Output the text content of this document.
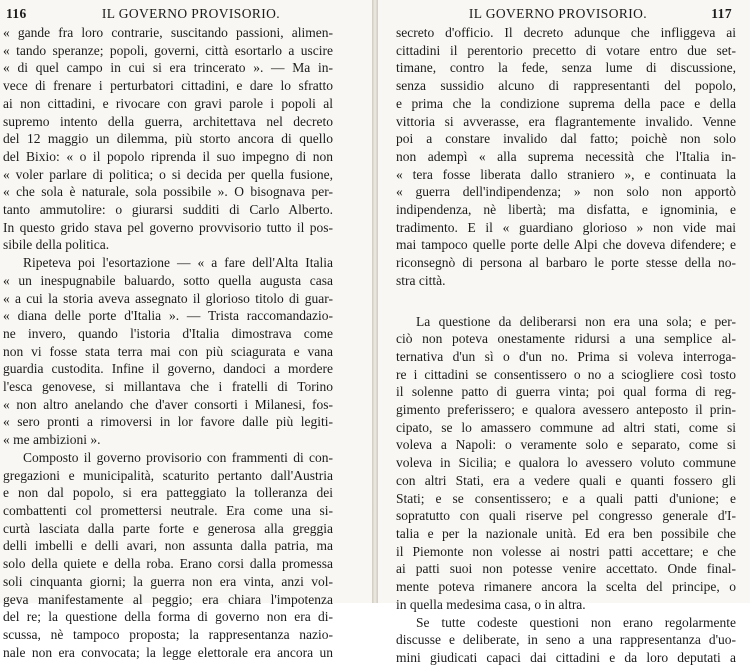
116	IL GOVERNO PROVISORIO.
« gande fra loro contrarie, suscitando passioni, alimen-
« tando speranze; popoli, governi, città esortarlo a uscire
« di quel campo in cui si era trincerato ». — Ma in-
vece di frenare i perturbatori cittadini, e dare lo sfratto
ai non cittadini, e rivocare con gravi parole i popoli al
supremo intento della guerra, architettava nel decreto
del 12 maggio un dilemma, più storto ancora di quello
del Bixio: « o il popolo riprenda il suo impegno di non
« voler parlare di politica; o si decida per quella fusione,
« che sola è naturale, sola possibile ». O bisognava per-
tanto ammutolire: o giurarsi sudditi di Carlo Alberto.
In questo grido stava pel governo provvisorio tutto il pos-
sibile della politica.
Ripeteva poi l'esortazione — « a fare dell'Alta Italia
« un inespugnabile baluardo, sotto quella augusta casa
« a cui la storia aveva assegnato il glorioso titolo di guar-
« diana delle porte d'Italia ». — Trista raccomandazio-
ne invero, quando l'istoria d'Italia dimostrava come
non vi fosse stata terra mai con più sciagurata e vana
guardia custodita. Infine il governo, dandoci a mordere
l'esca genovese, si millantava che i fratelli di Torino
« non altro anelando che d'aver consorti i Milanesi, fos-
« sero pronti a rimoversi in lor favore dalle più legiti-
« me ambizioni ».
Composto il governo provisorio con frammenti di con-
gregazioni e municipalità, scaturito pertanto dall'Austria
e non dal popolo, si era patteggiato la tolleranza dei
combattenti col promettersi neutrale. Era come una si-
curtà lasciata dalla parte forte e generosa alla greggia
delli imbelli e delli avari, non assunta dalla patria, ma
solo della quiete e della roba. Erano corsi dalla promessa
soli cinquanta giorni; la guerra non era vinta, anzi vol-
geva manifestamente al peggio; era chiara l'impotenza
del re; la questione della forma di governo non era di-
scussa, nè tampoco proposta; la rappresentanza nazio-
nale non era convocata; la legge elettorale era ancora un
IL GOVERNO PROVISORIO.	117
secreto d'officio. Il decreto adunque che infliggeva ai
cittadini il perentorio precetto di votare entro due set-
timane, contro la fede, senza lume di discussione,
senza sussidio alcuno di rappresentanti del popolo,
e prima che la condizione suprema della pace e della
vittoria si avverasse, era flagrantemente invalido. Venne
poi a constare invalido dal fatto; poichè non solo
non adempì « alla suprema necessità che l'Italia in-
« tera fosse liberata dallo straniero », e continuata la
« guerra dell'indipendenza; » non solo non apportò
indipendenza, nè libertà; ma disfatta, e ignominia, e
tradimento. E il « guardiano glorioso » non vide mai
mai tampoco quelle porte delle Alpi che doveva difendere; e
riconsegnò di persona al barbaro le porte stesse della no-
stra città.
La questione da deliberarsi non era una sola; e per-
ciò non poteva onestamente ridursi a una semplice al-
ternativa d'un sì o d'un no. Prima si voleva interroga-
re i cittadini se consentissero o no a sciogliere così tosto
il solenne patto di guerra vinta; poi qual forma di reg-
gimento preferissero; e qualora avessero anteposto il prin-
cipato, se lo amassero commune ad altri stati, come si
voleva a Napoli: o veramente solo e separato, come si
voleva in Sicilia; e qualora lo avessero voluto commune
con altri Stati, era a vedere quali e quanti fossero gli
Stati; e se consentissero; e a quali patti d'unione; e
sopratutto con quali riserve pel congresso generale d'I-
talia e per la nazionale unità. Ed era ben possibile che
il Piemonte non volesse ai nostri patti accettare; e che
ai patti suoi non potesse venire accettato. Onde final-
mente poteva rimanere ancora la scelta del principe, o
in quella medesima casa, o in altra.
Se tutte codeste questioni non erano regolarmente
discusse e deliberate, in seno a una rappresentanza d'uo-
mini giudicati capaci dai cittadini e da loro deputati a
